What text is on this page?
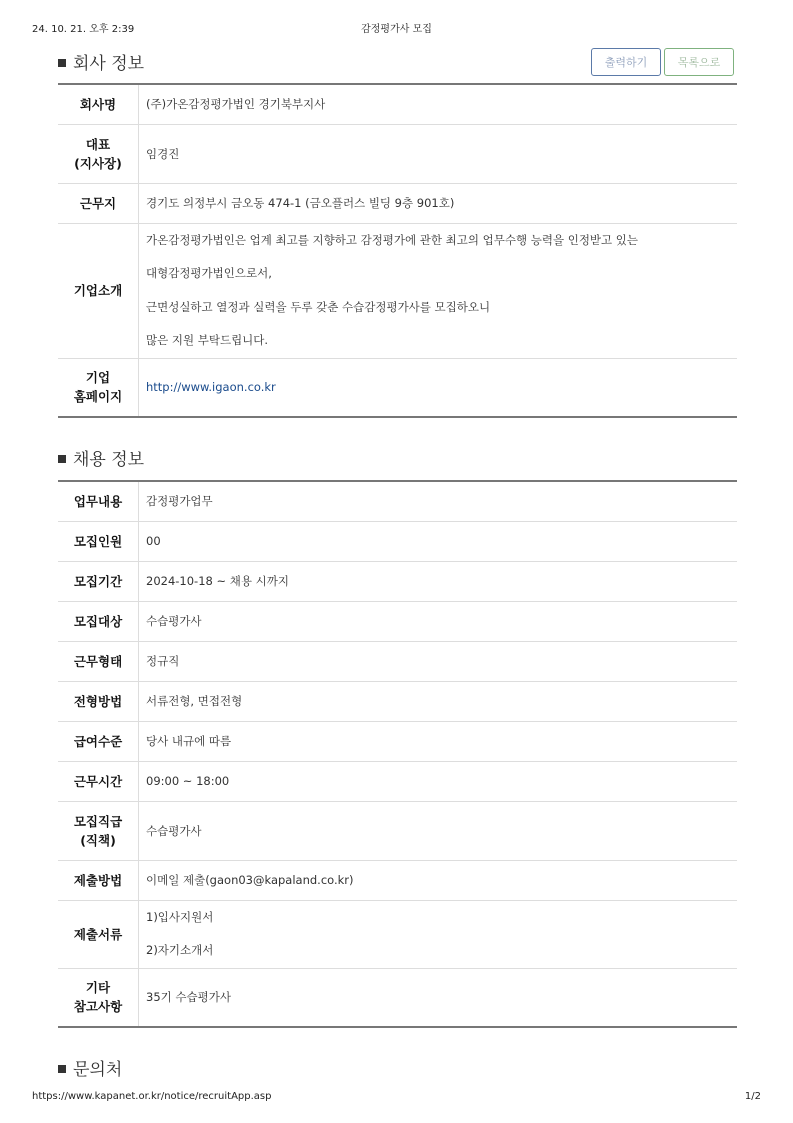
24. 10. 21. 오후 2:39	감정평가사 모집
회사 정보	출력하기	목록으로
회사명	(주)가온감정평가법인 경기북부지사
대표
(지사장)	임경진
근무지	경기도 의정부시 금오동 474-1 (금오플러스 빌딩 9층 901호)
기업소개	가온감정평가법인은 업계 최고를 지향하고 감정평가에 관한 최고의 업무수행 능력을 인정받고 있는

대형감정평가법인으로서,

근면성실하고 열정과 실력을 두루 갖춘 수습감정평가사를 모집하오니

많은 지원 부탁드립니다.

기업
홈페이지	http://www.igaon.co.kr
채용 정보
업무내용	감정평가업무
모집인원	00
모집기간	2024-10-18 ~ 채용 시까지
모집대상	수습평가사
근무형태	정규직
전형방법	서류전형, 면접전형
급여수준	당사 내규에 따름
근무시간	09:00 ~ 18:00
모집직급
(직책)	수습평가사
제출방법	이메일 제출(gaon03@kapaland.co.kr)
제출서류	1)입사지원서

2)자기소개서

기타
참고사항	35기 수습평가사
문의처
https://www.kapanet.or.kr/notice/recruitApp.asp	1/2
